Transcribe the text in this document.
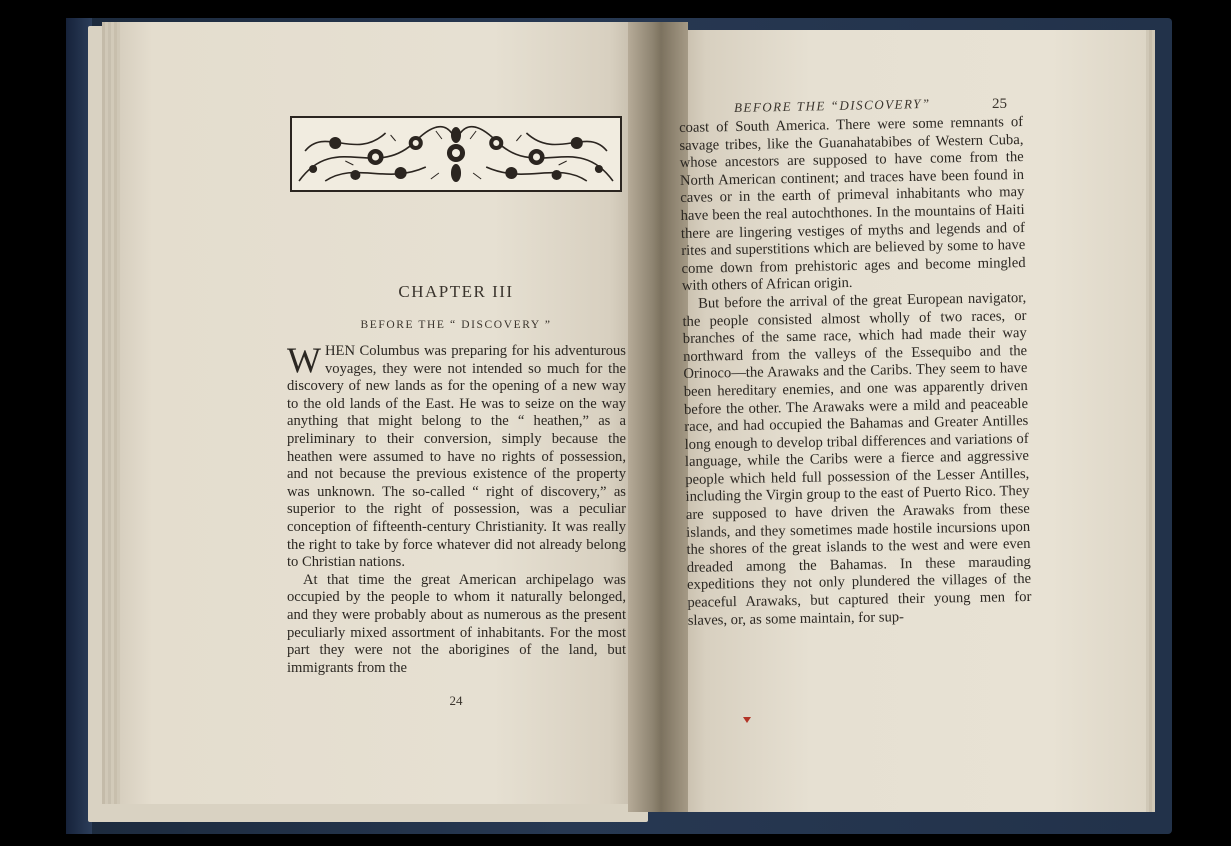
CHAPTER III
BEFORE THE “ DISCOVERY ”

WHEN Columbus was preparing for his adventurous voyages, they were not intended so much for the discovery of new lands as for the opening of a new way to the old lands of the East. He was to seize on the way anything that might belong to the “ heathen,” as a preliminary to their conversion, simply because the heathen were assumed to have no rights of possession, and not because the previous existence of the property was unknown. The so-called “ right of discovery,” as superior to the right of possession, was a peculiar conception of fifteenth-century Christianity. It was really the right to take by force whatever did not already belong to Christian nations.

At that time the great American archipelago was occupied by the people to whom it naturally belonged, and they were probably about as numerous as the present peculiarly mixed assortment of inhabitants. For the most part they were not the aborigines of the land, but immigrants from the

24
BEFORE THE “DISCOVERY”	25

coast of South America. There were some remnants of savage tribes, like the Guanahatabibes of Western Cuba, whose ancestors are supposed to have come from the North American continent; and traces have been found in caves or in the earth of primeval inhabitants who may have been the real autochthones. In the mountains of Haiti there are lingering vestiges of myths and legends and of rites and superstitions which are believed by some to have come down from prehistoric ages and become mingled with others of African origin.

But before the arrival of the great European navigator, the people consisted almost wholly of two races, or branches of the same race, which had made their way northward from the valleys of the Essequibo and the Orinoco—the Arawaks and the Caribs. They seem to have been hereditary enemies, and one was apparently driven before the other. The Arawaks were a mild and peaceable race, and had occupied the Bahamas and Greater Antilles long enough to develop tribal differences and variations of language, while the Caribs were a fierce and aggressive people which held full possession of the Lesser Antilles, including the Virgin group to the east of Puerto Rico. They are supposed to have driven the Arawaks from these islands, and they sometimes made hostile incursions upon the shores of the great islands to the west and were even dreaded among the Bahamas. In these marauding expeditions they not only plundered the villages of the peaceful Arawaks, but captured their young men for slaves, or, as some maintain, for sup-
